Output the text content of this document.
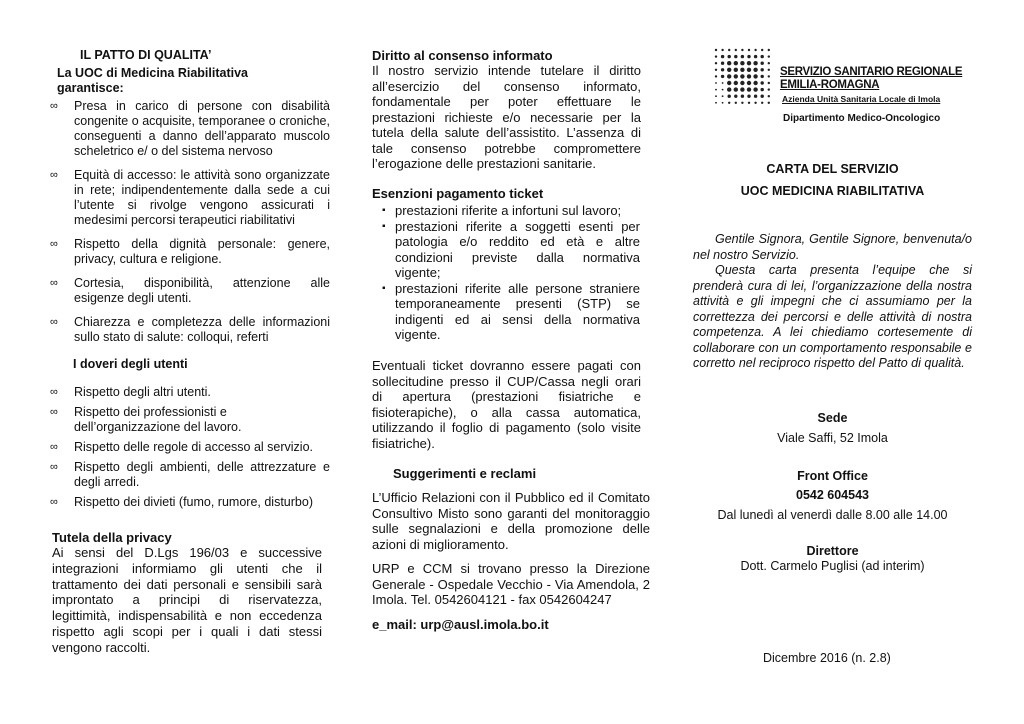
IL PATTO DI QUALITA’
La UOC di Medicina Riabilitativa garantisce:
∞ Presa in carico di persone con disabilità congenite o acquisite, temporanee o croniche, conseguenti a danno dell’apparato muscolo scheletrico e/ o del sistema nervoso
∞ Equità di accesso: le attività sono organizzate in rete; indipendentemente dalla sede a cui l’utente si rivolge vengono assicurati i medesimi percorsi terapeutici riabilitativi
∞ Rispetto della dignità personale: genere, privacy, cultura e religione.
∞ Cortesia, disponibilità, attenzione alle esigenze degli utenti.
∞ Chiarezza e completezza delle informazioni sullo stato di salute: colloqui, referti
I doveri degli utenti
∞ Rispetto degli altri utenti.
∞ Rispetto dei professionisti e dell’organizzazione del lavoro.
∞ Rispetto delle regole di accesso al servizio.
∞ Rispetto degli ambienti, delle attrezzature e degli arredi.
∞ Rispetto dei divieti (fumo, rumore, disturbo)
Tutela della privacy
Ai sensi del D.Lgs 196/03 e successive integrazioni informiamo gli utenti che il trattamento dei dati personali e sensibili sarà improntato a principi di riservatezza, legittimità, indispensabilità e non eccedenza rispetto agli scopi per i quali i dati stessi vengono raccolti.
Diritto al consenso informato
Il nostro servizio intende tutelare il diritto all’esercizio del consenso informato, fondamentale per poter effettuare le prestazioni richieste e/o necessarie per la tutela della salute dell’assistito. L’assenza di tale consenso potrebbe compromettere l’erogazione delle prestazioni sanitarie.
Esenzioni pagamento ticket
▪ prestazioni riferite a infortuni sul lavoro;
▪ prestazioni riferite a soggetti esenti per patologia e/o reddito ed età e altre condizioni previste dalla normativa vigente;
▪ prestazioni riferite alle persone straniere temporaneamente presenti (STP) se indigenti ed ai sensi della normativa vigente.
Eventuali ticket dovranno essere pagati con sollecitudine presso il CUP/Cassa negli orari di apertura (prestazioni fisiatriche e fisioterapiche), o alla cassa automatica, utilizzando il foglio di pagamento (solo visite fisiatriche).
Suggerimenti e reclami
L’Ufficio Relazioni con il Pubblico ed il Comitato Consultivo Misto sono garanti del monitoraggio sulle segnalazioni e della promozione delle azioni di miglioramento.
URP e CCM si trovano presso la Direzione Generale - Ospedale Vecchio - Via Amendola, 2 Imola. Tel. 0542604121 - fax 0542604247
e_mail: urp@ausl.imola.bo.it
SERVIZIO SANITARIO REGIONALE
EMILIA-ROMAGNA
Azienda Unità Sanitaria Locale di Imola
Dipartimento Medico-Oncologico
CARTA DEL SERVIZIO
UOC MEDICINA RIABILITATIVA
Gentile Signora, Gentile Signore, benvenuta/o nel nostro Servizio.
Questa carta presenta l’equipe che si prenderà cura di lei, l’organizzazione della nostra attività e gli impegni che ci assumiamo per la correttezza dei percorsi e delle attività di nostra competenza. A lei chiediamo cortesemente di collaborare con un comportamento responsabile e corretto nel reciproco rispetto del Patto di qualità.
Sede
Viale Saffi, 52 Imola
Front Office
0542 604543
Dal lunedì al venerdì dalle 8.00 alle 14.00
Direttore
Dott. Carmelo Puglisi (ad interim)
Dicembre 2016 (n. 2.8)
